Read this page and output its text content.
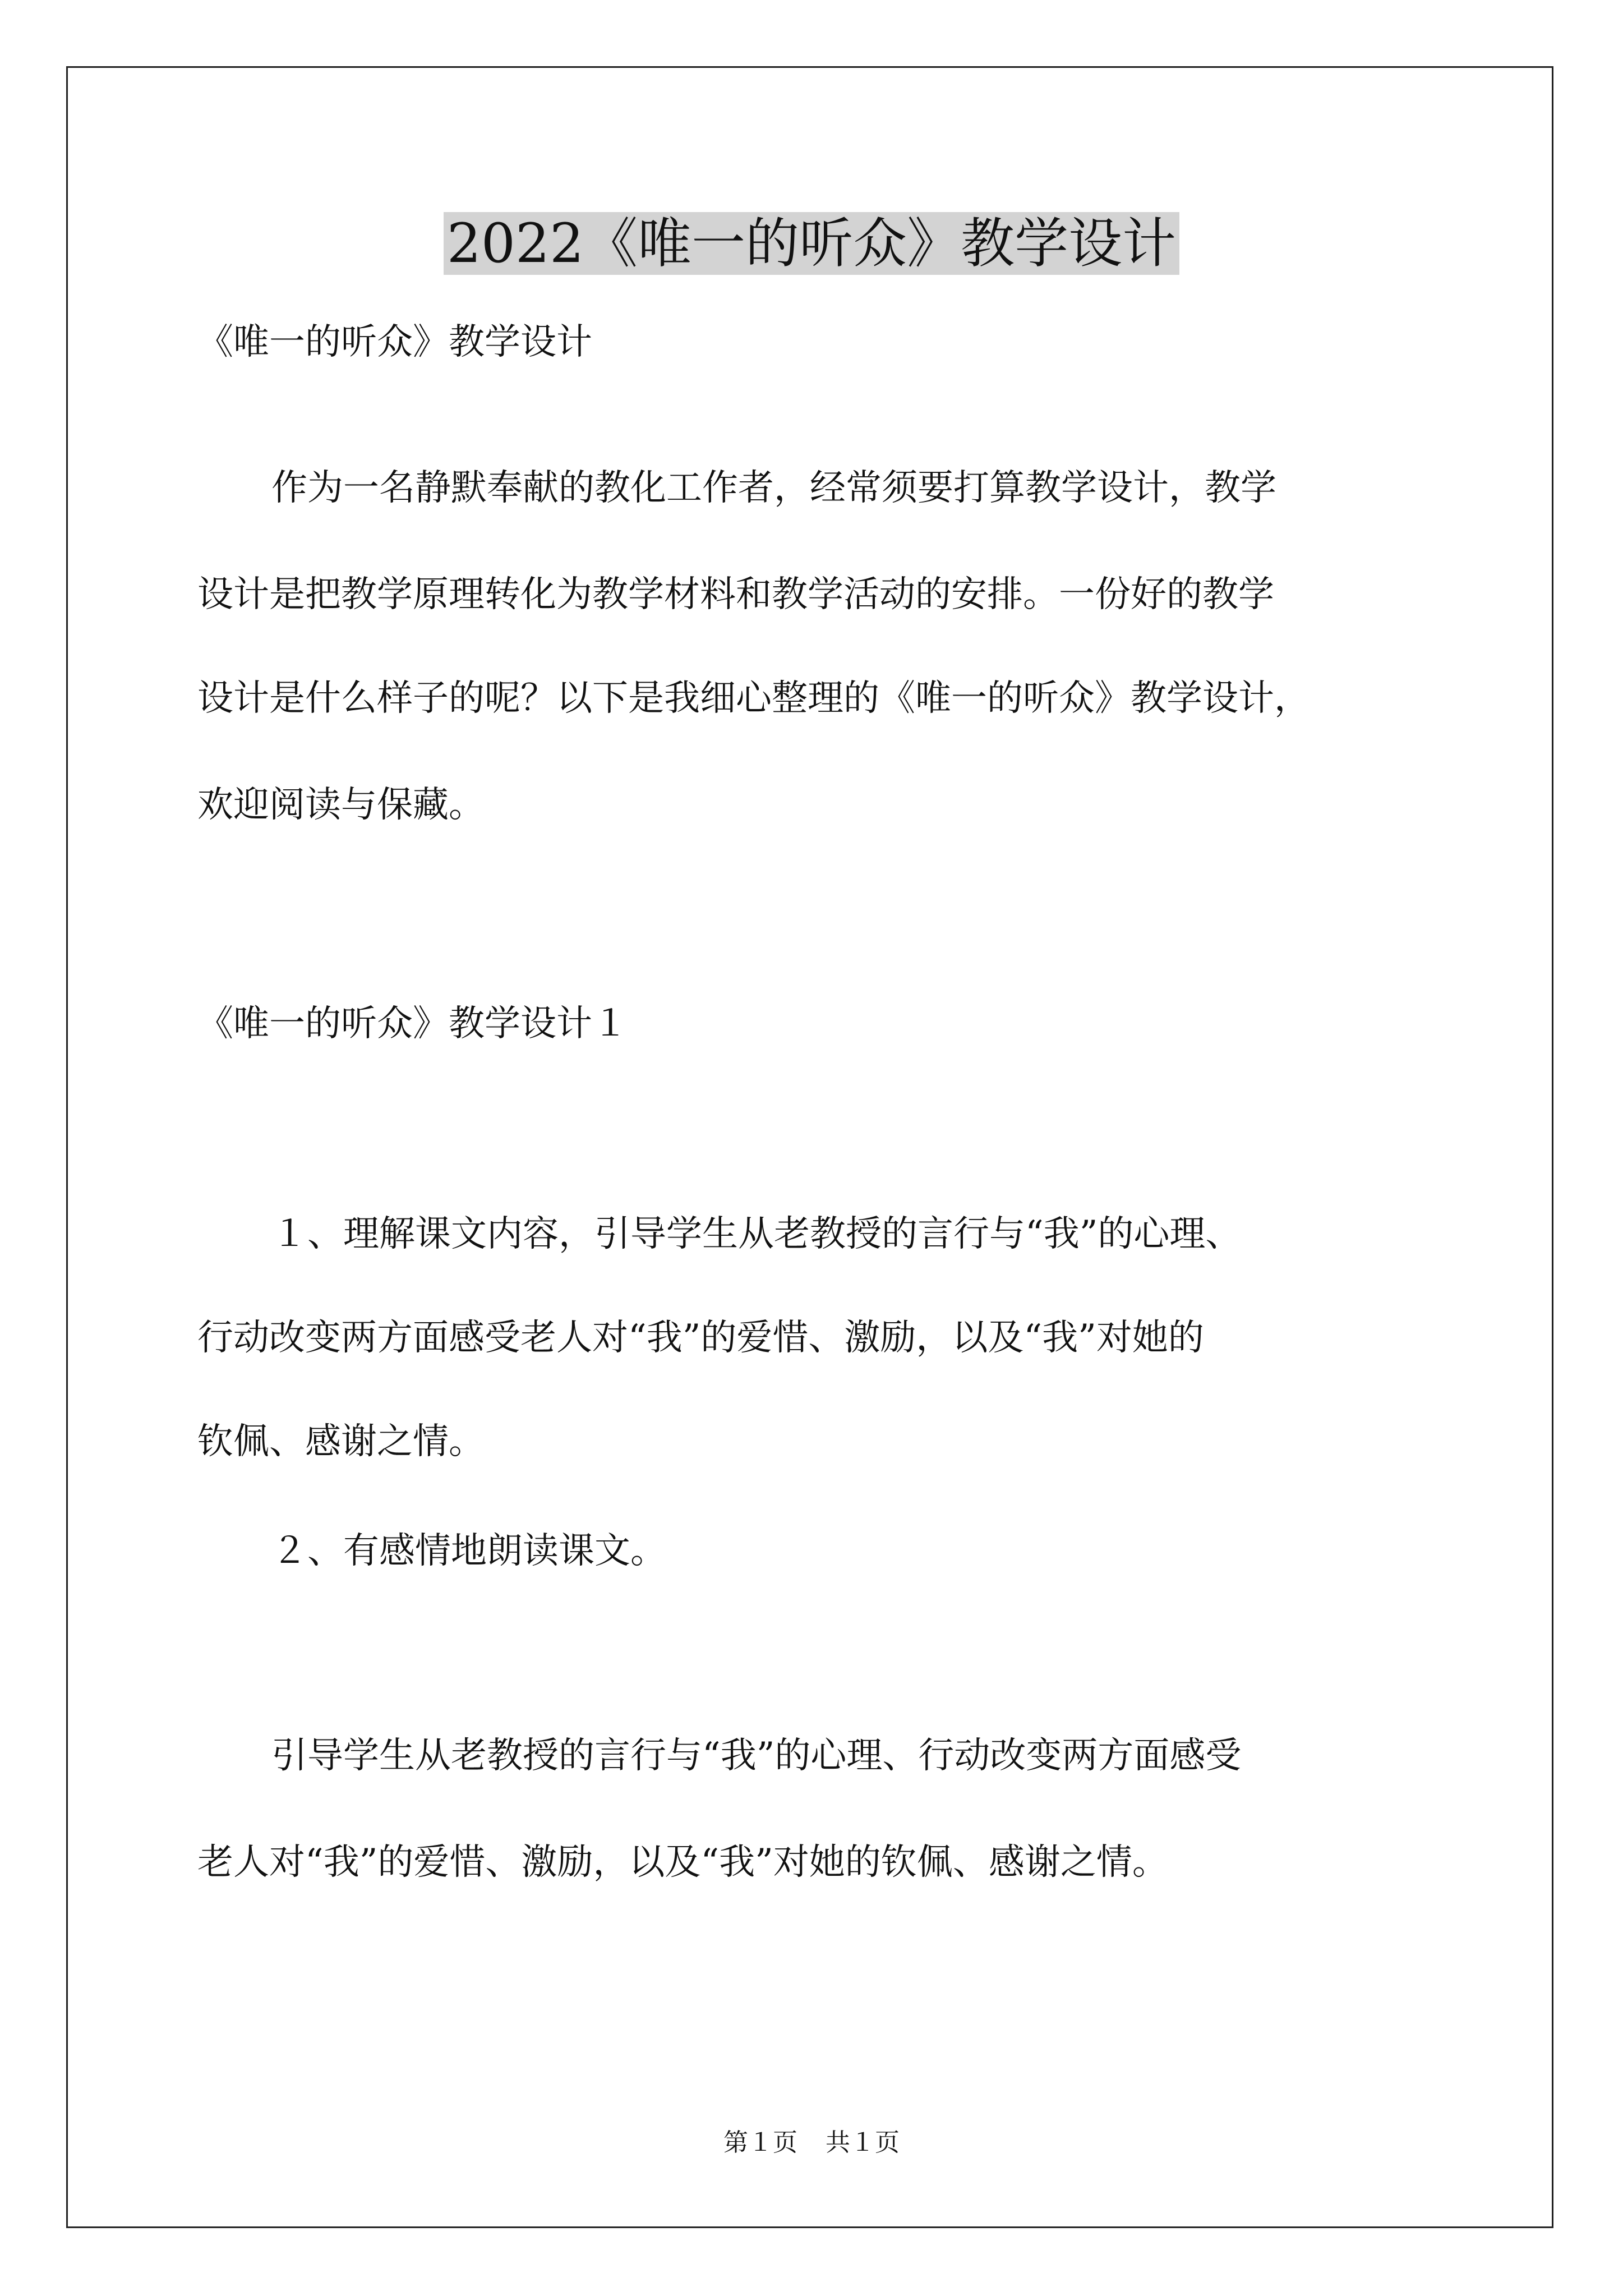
2022《唯一的听众》教学设计
《唯一的听众》教学设计
作为一名静默奉献的教化工作者，经常须要打算教学设计，教学
设计是把教学原理转化为教学材料和教学活动的安排。一份好的教学
设计是什么样子的呢？以下是我细心整理的《唯一的听众》教学设计，
欢迎阅读与保藏。
《唯一的听众》教学设计１
１、理解课文内容，引导学生从老教授的言行与“我”的心理、
行动改变两方面感受老人对“我”的爱惜、激励，以及“我”对她的
钦佩、感谢之情。
２、有感情地朗读课文。
引导学生从老教授的言行与“我”的心理、行动改变两方面感受
老人对“我”的爱惜、激励，以及“我”对她的钦佩、感谢之情。
第１页 共１页
